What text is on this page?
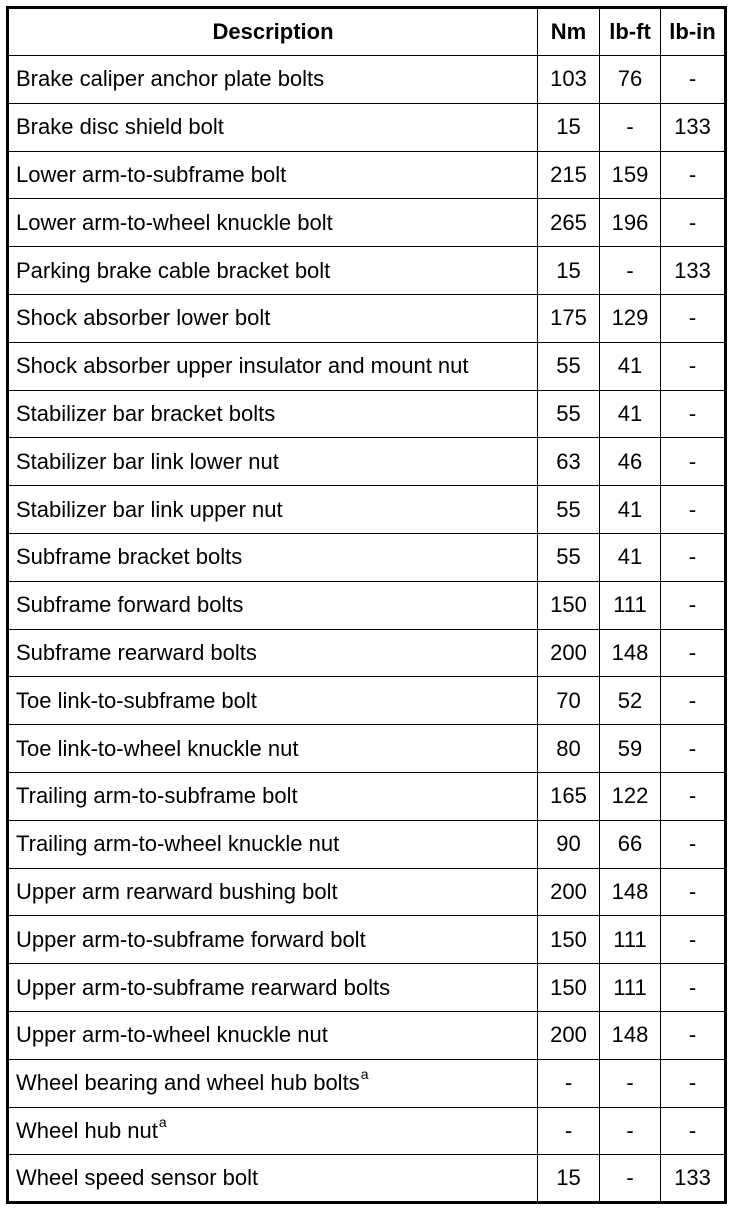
Description	Nm	lb-ft	lb-in
Brake caliper anchor plate bolts	103	76	-
Brake disc shield bolt	15	-	133
Lower arm-to-subframe bolt	215	159	-
Lower arm-to-wheel knuckle bolt	265	196	-
Parking brake cable bracket bolt	15	-	133
Shock absorber lower bolt	175	129	-
Shock absorber upper insulator and mount nut	55	41	-
Stabilizer bar bracket bolts	55	41	-
Stabilizer bar link lower nut	63	46	-
Stabilizer bar link upper nut	55	41	-
Subframe bracket bolts	55	41	-
Subframe forward bolts	150	111	-
Subframe rearward bolts	200	148	-
Toe link-to-subframe bolt	70	52	-
Toe link-to-wheel knuckle nut	80	59	-
Trailing arm-to-subframe bolt	165	122	-
Trailing arm-to-wheel knuckle nut	90	66	-
Upper arm rearward bushing bolt	200	148	-
Upper arm-to-subframe forward bolt	150	111	-
Upper arm-to-subframe rearward bolts	150	111	-
Upper arm-to-wheel knuckle nut	200	148	-
Wheel bearing and wheel hub bolts$^a$	-	-	-
Wheel hub nut$^a$	-	-	-
Wheel speed sensor bolt	15	-	133
